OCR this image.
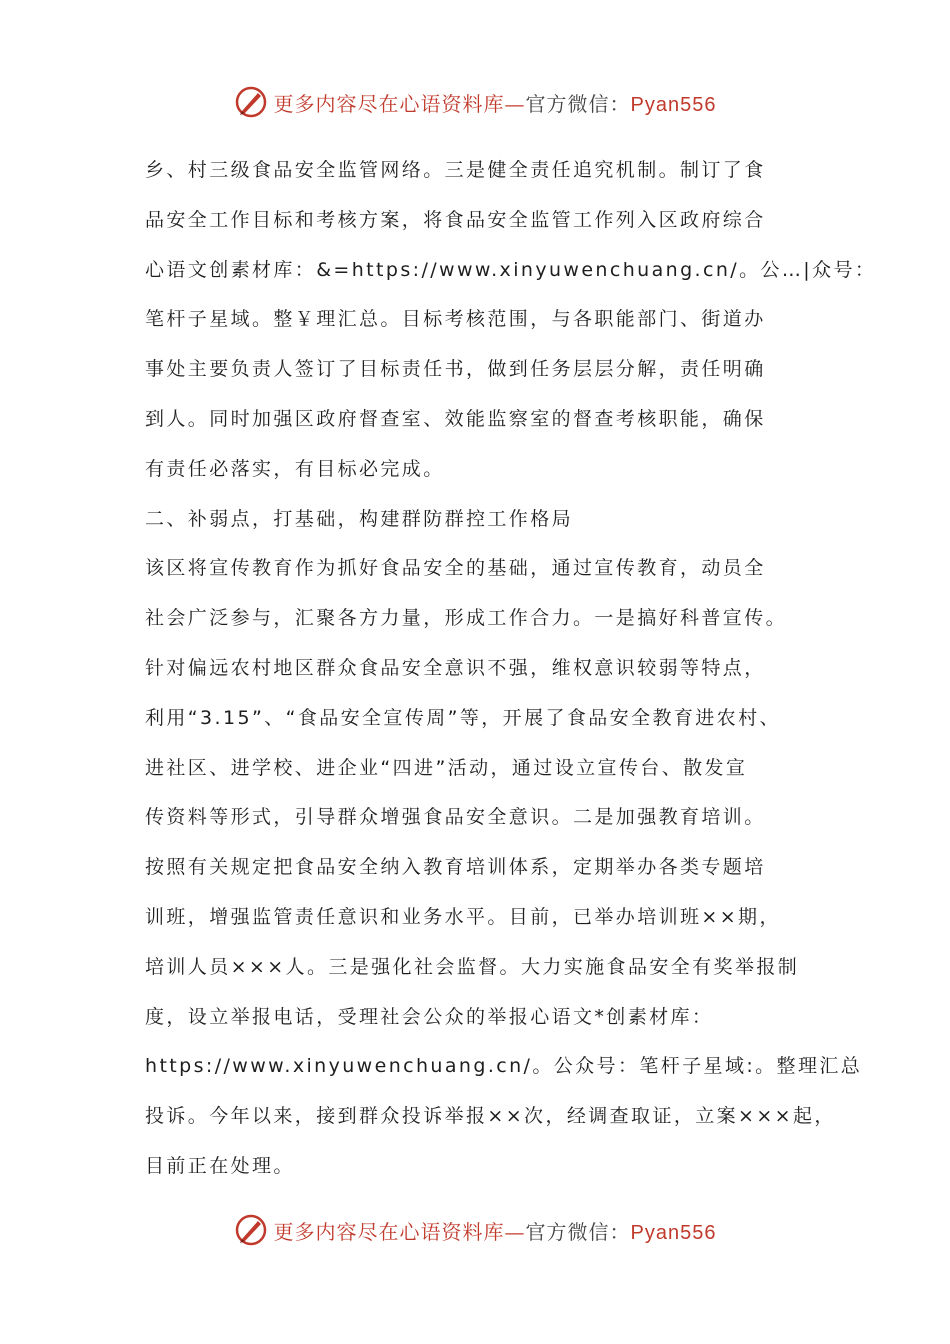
更多内容尽在心语资料库—官方微信：Pyan556
乡、村三级食品安全监管网络。三是健全责任追究机制。制订了食
品安全工作目标和考核方案，将食品安全监管工作列入区政府综合
心语文创素材库：&=https://www.xinyuwenchuang.cn/。公…|众号：
笔杆子星域。整￥理汇总。目标考核范围，与各职能部门、街道办
事处主要负责人签订了目标责任书，做到任务层层分解，责任明确
到人。同时加强区政府督查室、效能监察室的督查考核职能，确保
有责任必落实，有目标必完成。
二、补弱点，打基础，构建群防群控工作格局
该区将宣传教育作为抓好食品安全的基础，通过宣传教育，动员全
社会广泛参与，汇聚各方力量，形成工作合力。一是搞好科普宣传。
针对偏远农村地区群众食品安全意识不强，维权意识较弱等特点，
利用“3.15”、“食品安全宣传周”等，开展了食品安全教育进农村、
进社区、进学校、进企业“四进”活动，通过设立宣传台、散发宣
传资料等形式，引导群众增强食品安全意识。二是加强教育培训。
按照有关规定把食品安全纳入教育培训体系，定期举办各类专题培
训班，增强监管责任意识和业务水平。目前，已举办培训班××期，
培训人员×××人。三是强化社会监督。大力实施食品安全有奖举报制
度，设立举报电话，受理社会公众的举报心语文*创素材库：
https://www.xinyuwenchuang.cn/。公众号：笔杆子星域:。整理汇总
投诉。今年以来，接到群众投诉举报××次，经调查取证，立案×××起，
目前正在处理。
更多内容尽在心语资料库—官方微信：Pyan556
